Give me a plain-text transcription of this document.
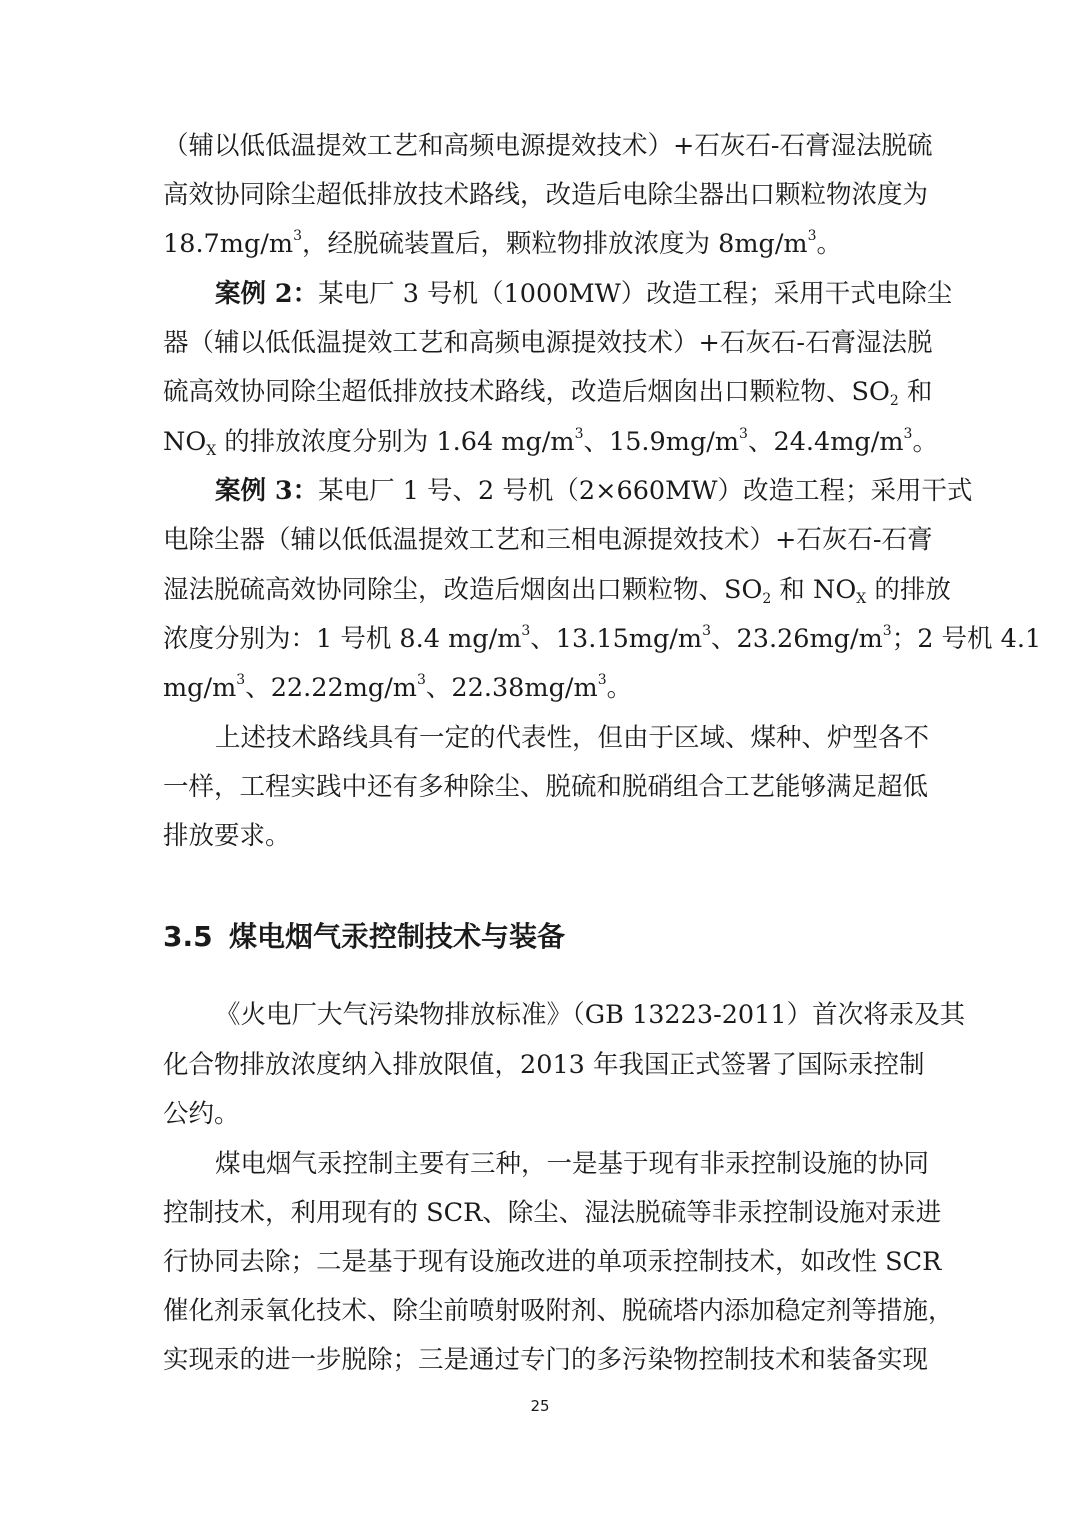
（辅以低低温提效工艺和高频电源提效技术）+石灰石-石膏湿法脱硫
高效协同除尘超低排放技术路线，改造后电除尘器出口颗粒物浓度为
$18.7mg/m^3$，经脱硫装置后，颗粒物排放浓度为 $8mg/m^3$。
案例 2：某电厂 3 号机（1000MW）改造工程；采用干式电除尘
器（辅以低低温提效工艺和高频电源提效技术）+石灰石-石膏湿法脱
硫高效协同除尘超低排放技术路线，改造后烟囱出口颗粒物、$SO_2$ 和
$NO_X$ 的排放浓度分别为 1.64 $mg/m^3$、$15.9mg/m^3$、$24.4mg/m^3$。
案例 3：某电厂 1 号、2 号机（2×660MW）改造工程；采用干式
电除尘器（辅以低低温提效工艺和三相电源提效技术）+石灰石-石膏
湿法脱硫高效协同除尘，改造后烟囱出口颗粒物、$SO_2$ 和 $NO_X$ 的排放
浓度分别为：1 号机 8.4 $mg/m^3$、$13.15mg/m^3$、$23.26mg/m^3$；2 号机 4.1
$mg/m^3$、$22.22mg/m^3$、$22.38mg/m^3$。
上述技术路线具有一定的代表性，但由于区域、煤种、炉型各不
一样，工程实践中还有多种除尘、脱硫和脱硝组合工艺能够满足超低
排放要求。
3.5 煤电烟气汞控制技术与装备
《火电厂大气污染物排放标准》（GB 13223-2011）首次将汞及其
化合物排放浓度纳入排放限值，2013 年我国正式签署了国际汞控制
公约。
煤电烟气汞控制主要有三种，一是基于现有非汞控制设施的协同
控制技术，利用现有的 SCR、除尘、湿法脱硫等非汞控制设施对汞进
行协同去除；二是基于现有设施改进的单项汞控制技术，如改性 SCR
催化剂汞氧化技术、除尘前喷射吸附剂、脱硫塔内添加稳定剂等措施，
实现汞的进一步脱除；三是通过专门的多污染物控制技术和装备实现
25
